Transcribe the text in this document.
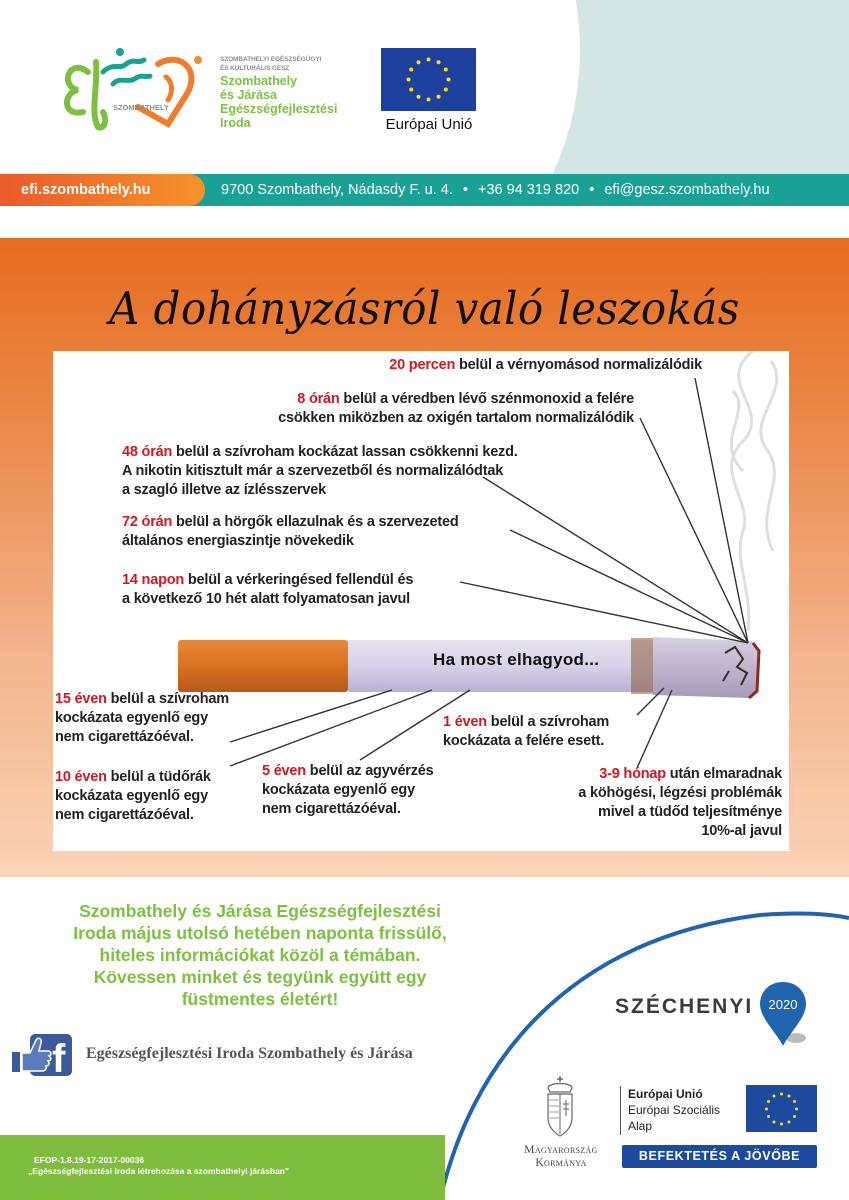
SZOMBATHELY
SZOMBATHELYI EGÉSZSÉGÜGYI
ÉS KULTURÁLIS GESZ
Szombathely
és Járása
Egészségfejlesztési
Iroda	Európai Unió
efi.szombathely.hu	9700 Szombathely, Nádasdy F. u. 4. • +36 94 319 820 • efi@gesz.szombathely.hu
A dohányzásról való leszokás
Ha most elhagyod...
20 percen belül a vérnyomásod normalizálódik
8 órán belül a véredben lévő szénmonoxid a felére
csökken miközben az oxigén tartalom normalizálódik
48 órán belül a szívroham kockázat lassan csökkenni kezd.
A nikotin kitisztult már a szervezetből és normalizálódtak
a szagló illetve az ízlésszervek
72 órán belül a hörgők ellazulnak és a szervezeted
általános energiaszintje növekedik
14 napon belül a vérkeringésed fellendül és
a következő 10 hét alatt folyamatosan javul
15 éven belül a szívroham
kockázata egyenlő egy
nem cigarettázóéval.
10 éven belül a tüdőrák
kockázata egyenlő egy
nem cigarettázóéval.
5 éven belül az agyvérzés
kockázata egyenlő egy
nem cigarettázóéval.
1 éven belül a szívroham
kockázata a felére esett.
3-9 hónap után elmaradnak
a köhögési, légzési problémák
mivel a tüdőd teljesítménye
10%-al javul
Szombathely és Járása Egészségfejlesztési
Iroda május utolsó hetében naponta frissülő,
hiteles információkat közöl a témában.
Kövessen minket és tegyünk együtt egy
füstmentes életért!
f Egészségfejlesztési Iroda Szombathely és Járása
EFOP-1.8.19-17-2017-00036
„Egészségfejlesztési Iroda létrehozása a szombathelyi járásban"
SZÉCHENYI 2020
Magyarország
Kormánya
Európai Unió
Európai Szociális
Alap
BEFEKTETÉS A JÖVŐBE
